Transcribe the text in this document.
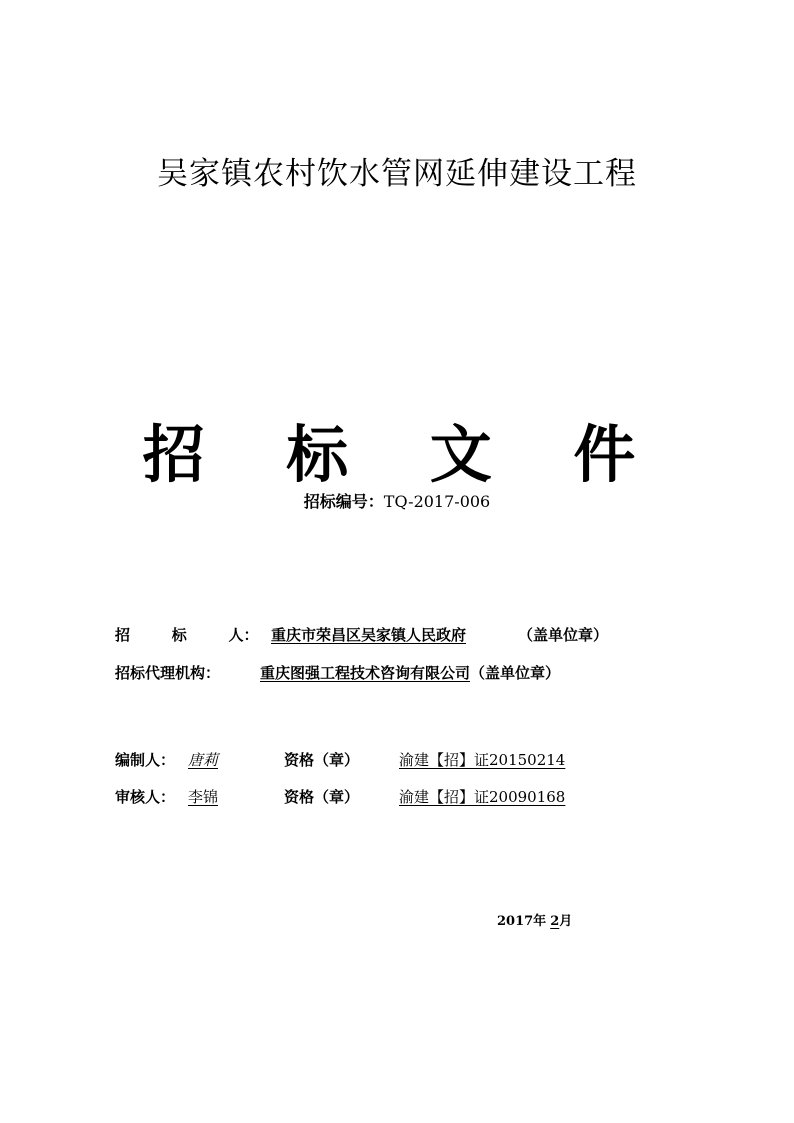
吴家镇农村饮水管网延伸建设工程
招 标 文 件
招标编号：TQ-2017-006
招        标        人： 重庆市荣昌区吴家镇人民政府	（盖单位章）
招标代理机构：	重庆图强工程技术咨询有限公司（盖单位章）
编制人： 唐莉	资格（章）	渝建【招】证20150214
审核人： 李锦	资格（章）	渝建【招】证20090168
2017年 2月
